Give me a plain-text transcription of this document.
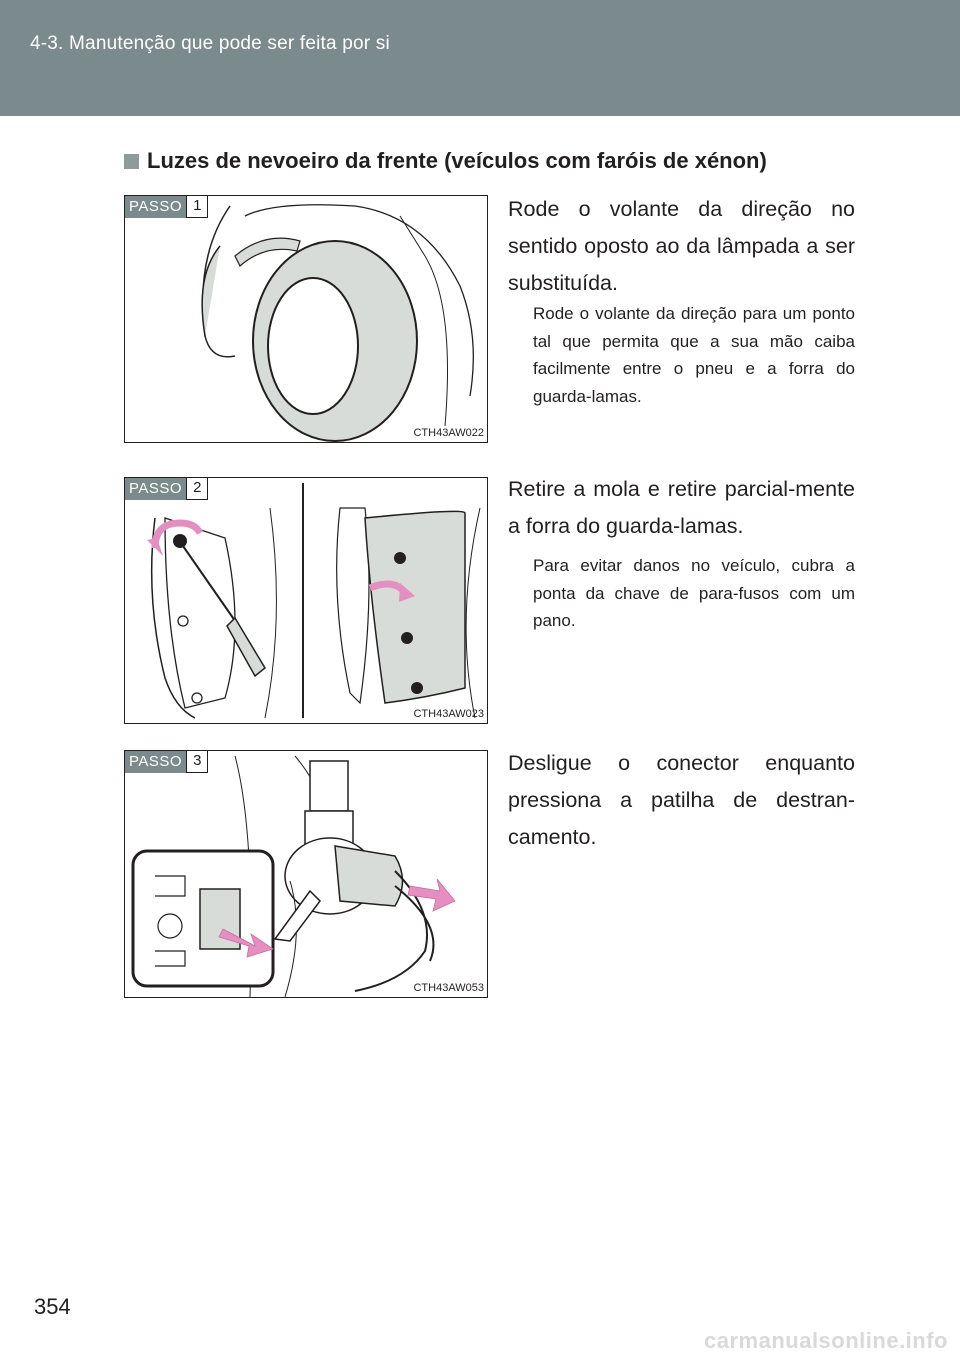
4-3. Manutenção que pode ser feita por si
Luzes de nevoeiro da frente (veículos com faróis de xénon)
PASSO 1
CTH43AW022
Rode o volante da direção no sentido oposto ao da lâmpada a ser substituída.
Rode o volante da direção para um ponto tal que permita que a sua mão caiba facilmente entre o pneu e a forra do guarda-lamas.
PASSO 2
CTH43AW023
Retire a mola e retire parcial-mente a forra do guarda-lamas.
Para evitar danos no veículo, cubra a ponta da chave de para-fusos com um pano.
PASSO 3
CTH43AW053
Desligue o conector enquanto pressiona a patilha de destran-camento.
354
carmanualsonline.info
